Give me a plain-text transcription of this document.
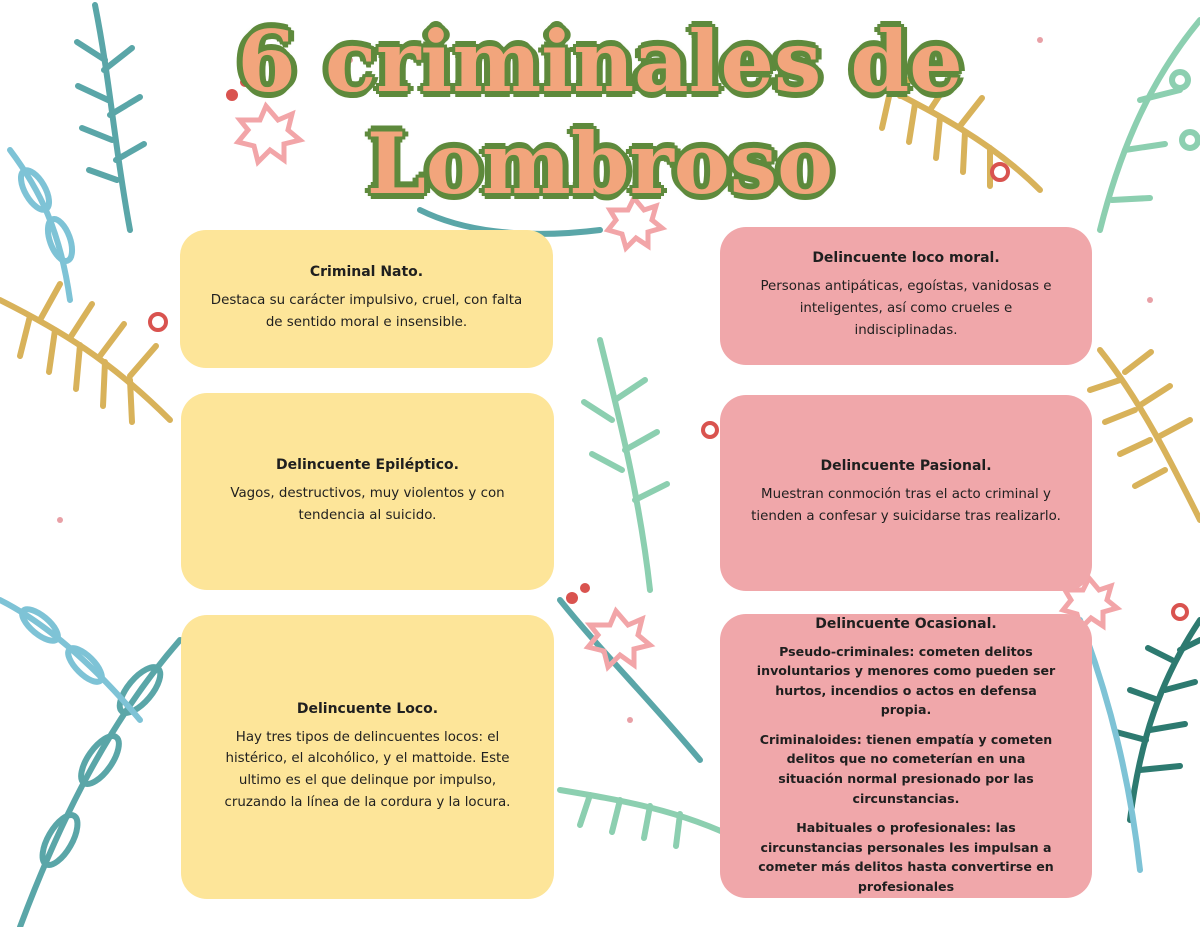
6 criminales de
Lombroso
Criminal Nato.

Destaca su carácter impulsivo, cruel, con falta de sentido moral e insensible.

Delincuente loco moral.

Personas antipáticas, egoístas, vanidosas e inteligentes, así como crueles e indisciplinadas.

Delincuente Epiléptico.

Vagos, destructivos, muy violentos y con tendencia al suicido.

Delincuente Pasional.

Muestran conmoción tras el acto criminal y tienden a confesar y suicidarse tras realizarlo.

Delincuente Loco.

Hay tres tipos de delincuentes locos: el histérico, el alcohólico, y el mattoide. Este ultimo es el que delinque por impulso, cruzando la línea de la cordura y la locura.

Delincuente Ocasional.

Pseudo-criminales: cometen delitos involuntarios y menores como pueden ser hurtos, incendios o actos en defensa propia.

Criminaloides: tienen empatía y cometen delitos que no cometerían en una situación normal presionado por las circunstancias.

Habituales o profesionales: las circunstancias personales les impulsan a cometer más delitos hasta convertirse en profesionales
